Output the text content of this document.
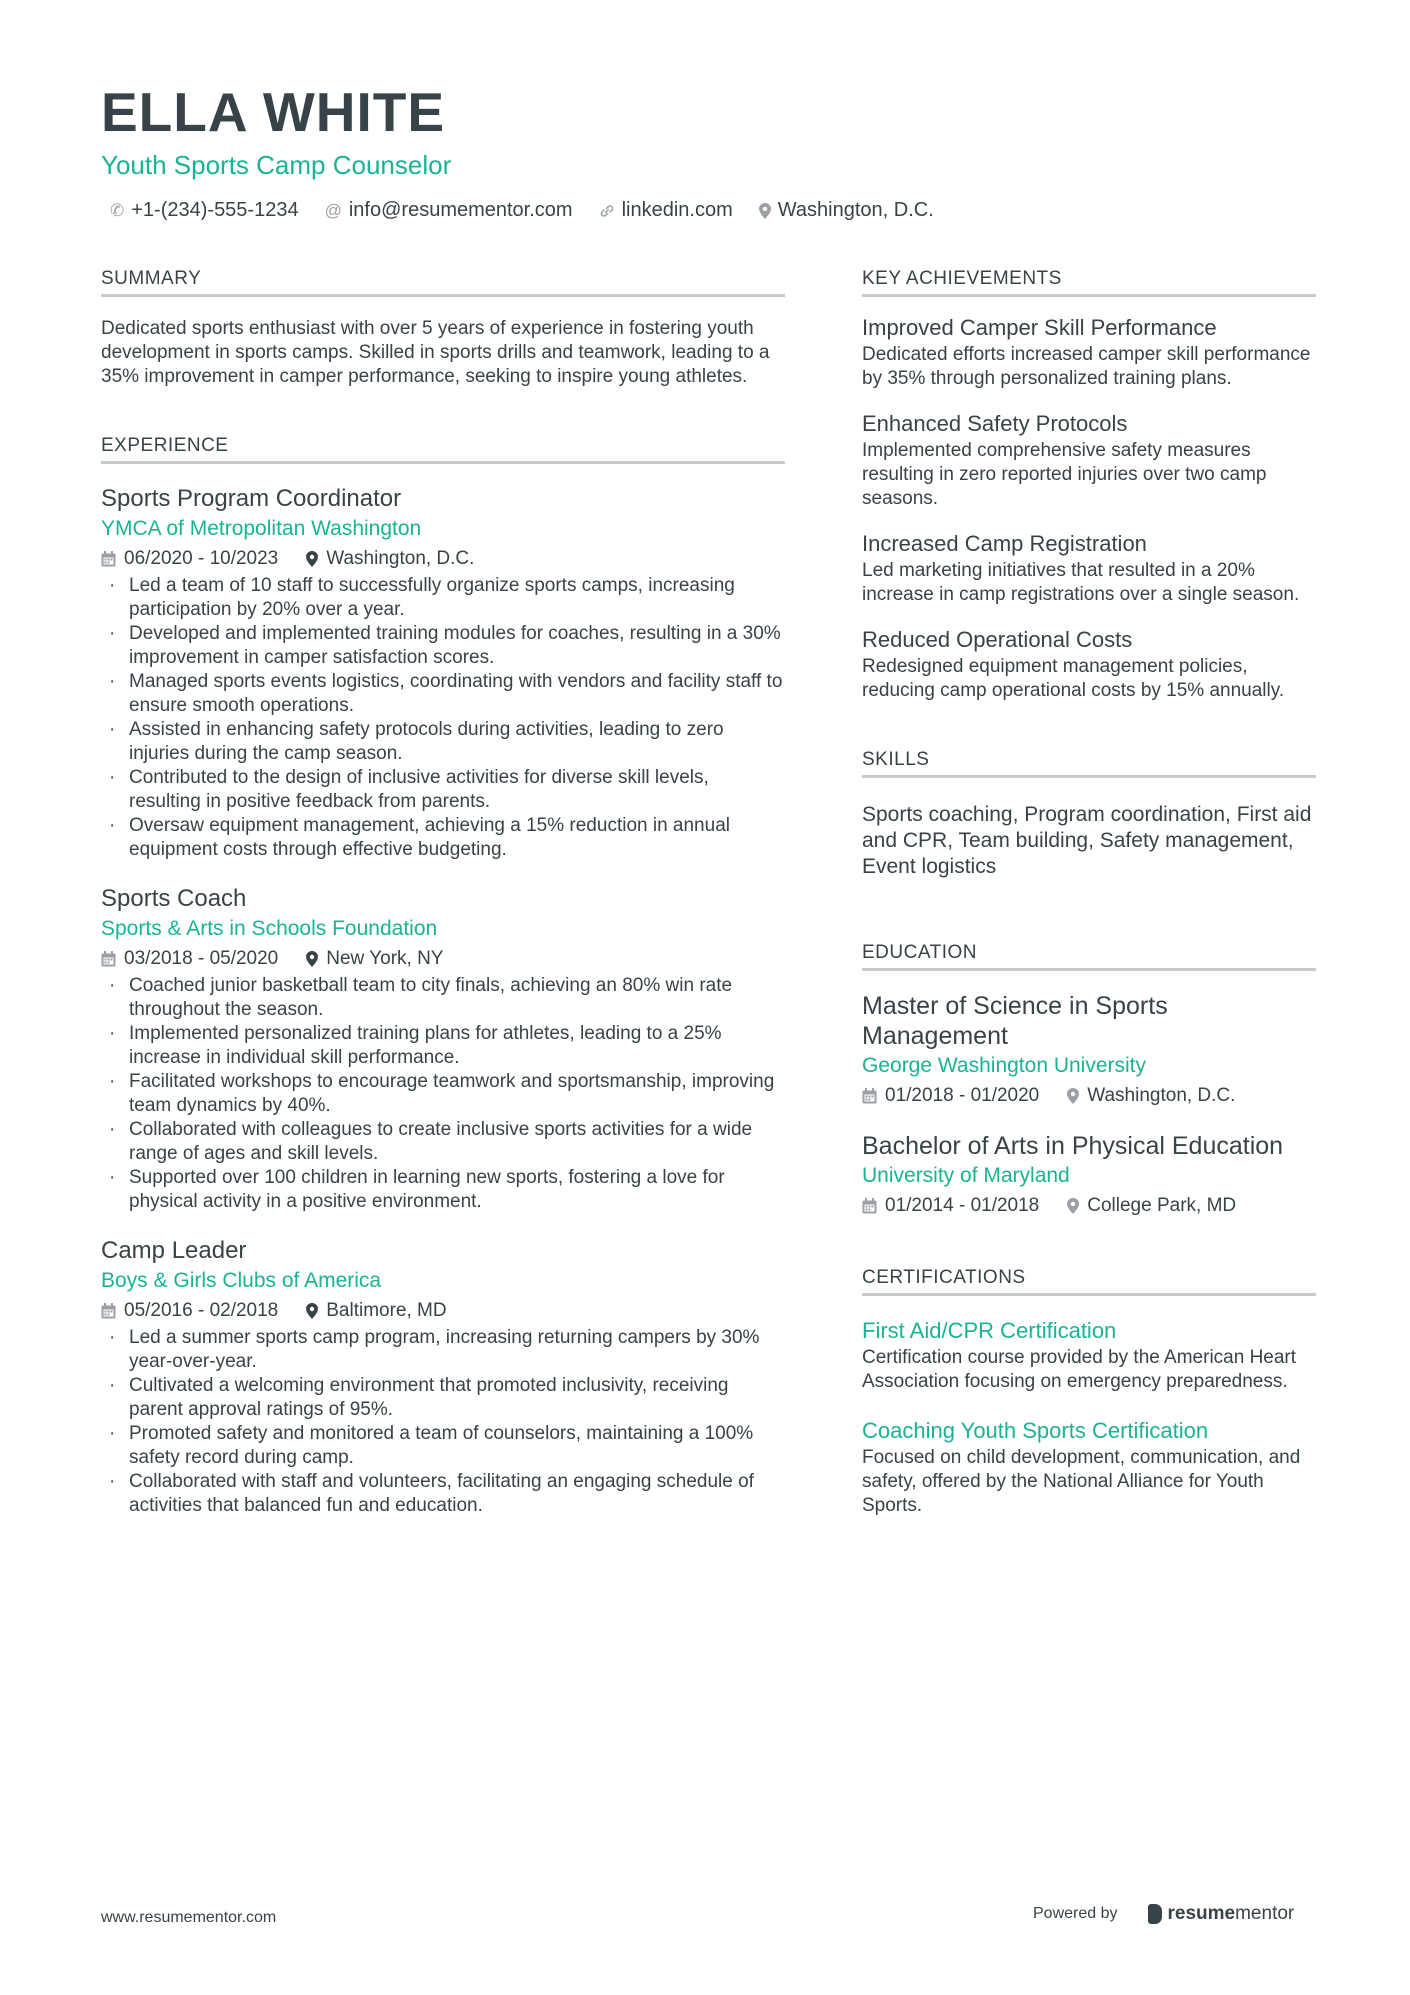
ELLA WHITE
Youth Sports Camp Counselor
✆ +1-(234)-555-1234 @ info@resumementor.com linkedin.com Washington, D.C.
SUMMARY
Dedicated sports enthusiast with over 5 years of experience in fostering youth development in sports camps. Skilled in sports drills and teamwork, leading to a 35% improvement in camper performance, seeking to inspire young athletes.
EXPERIENCE
Sports Program Coordinator
YMCA of Metropolitan Washington
06/2020 - 10/2023	Washington, D.C.
· Led a team of 10 staff to successfully organize sports camps, increasing participation by 20% over a year.
· Developed and implemented training modules for coaches, resulting in a 30% improvement in camper satisfaction scores.
· Managed sports events logistics, coordinating with vendors and facility staff to ensure smooth operations.
· Assisted in enhancing safety protocols during activities, leading to zero injuries during the camp season.
· Contributed to the design of inclusive activities for diverse skill levels, resulting in positive feedback from parents.
· Oversaw equipment management, achieving a 15% reduction in annual equipment costs through effective budgeting.
Sports Coach
Sports & Arts in Schools Foundation
03/2018 - 05/2020	New York, NY
· Coached junior basketball team to city finals, achieving an 80% win rate throughout the season.
· Implemented personalized training plans for athletes, leading to a 25% increase in individual skill performance.
· Facilitated workshops to encourage teamwork and sportsmanship, improving team dynamics by 40%.
· Collaborated with colleagues to create inclusive sports activities for a wide range of ages and skill levels.
· Supported over 100 children in learning new sports, fostering a love for physical activity in a positive environment.
Camp Leader
Boys & Girls Clubs of America
05/2016 - 02/2018	Baltimore, MD
· Led a summer sports camp program, increasing returning campers by 30% year-over-year.
· Cultivated a welcoming environment that promoted inclusivity, receiving parent approval ratings of 95%.
· Promoted safety and monitored a team of counselors, maintaining a 100% safety record during camp.
· Collaborated with staff and volunteers, facilitating an engaging schedule of activities that balanced fun and education.
KEY ACHIEVEMENTS
Improved Camper Skill Performance
Dedicated efforts increased camper skill performance by 35% through personalized training plans.
Enhanced Safety Protocols
Implemented comprehensive safety measures resulting in zero reported injuries over two camp seasons.
Increased Camp Registration
Led marketing initiatives that resulted in a 20% increase in camp registrations over a single season.
Reduced Operational Costs
Redesigned equipment management policies, reducing camp operational costs by 15% annually.
SKILLS
Sports coaching, Program coordination, First aid and CPR, Team building, Safety management, Event logistics
EDUCATION
Master of Science in Sports Management
George Washington University
01/2018 - 01/2020	Washington, D.C.
Bachelor of Arts in Physical Education
University of Maryland
01/2014 - 01/2018	College Park, MD
CERTIFICATIONS
First Aid/CPR Certification
Certification course provided by the American Heart Association focusing on emergency preparedness.
Coaching Youth Sports Certification
Focused on child development, communication, and safety, offered by the National Alliance for Youth Sports.
www.resumementor.com	Powered by	resumementor
